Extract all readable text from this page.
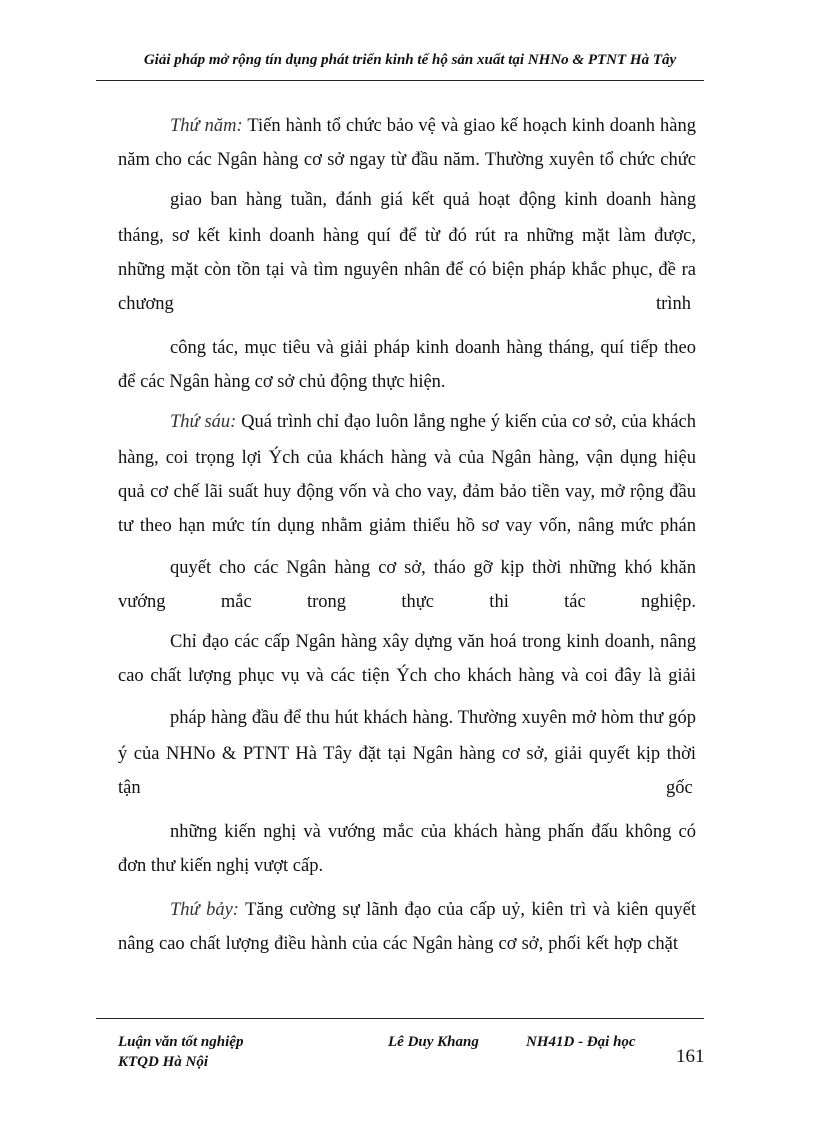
Giải pháp mở rộng tín dụng phát triển kinh tế hộ sản xuất tại NHNo & PTNT Hà Tây
Thứ năm: Tiến hành tổ chức bảo vệ và giao kế hoạch kinh doanh hàng
năm cho các Ngân hàng cơ sở ngay từ đầu năm. Thường xuyên tổ chức chức
giao ban hàng tuần, đánh giá kết quả hoạt động kinh doanh hàng
tháng, sơ kết kinh doanh hàng quí để từ đó rút ra những mặt làm được,
những mặt còn tồn tại và tìm nguyên nhân để có biện pháp khắc phục, đề ra
chương	trình
công tác, mục tiêu và giải pháp kinh doanh hàng tháng, quí tiếp theo
để các Ngân hàng cơ sở chủ động thực hiện.
Thứ sáu: Quá trình chỉ đạo luôn lắng nghe ý kiến của cơ sở, của khách
hàng, coi trọng lợi Ých của khách hàng và của Ngân hàng, vận dụng hiệu
quả cơ chế lãi suất huy động vốn và cho vay, đảm bảo tiền vay, mở rộng đầu
tư theo hạn mức tín dụng nhằm giảm thiểu hồ sơ vay vốn, nâng mức phán
quyết cho các Ngân hàng cơ sở, tháo gỡ kịp thời những khó khăn
vướng mắc trong thực thi tác nghiệp.
Chỉ đạo các cấp Ngân hàng xây dựng văn hoá trong kinh doanh, nâng
cao chất lượng phục vụ và các tiện Ých cho khách hàng và coi đây là giải
pháp hàng đầu để thu hút khách hàng. Thường xuyên mở hòm thư góp
ý của NHNo & PTNT Hà Tây đặt tại Ngân hàng cơ sở, giải quyết kịp thời
tận	gốc
những kiến nghị và vướng mắc của khách hàng phấn đấu không có
đơn thư kiến nghị vượt cấp.
Thứ bảy: Tăng cường sự lãnh đạo của cấp uỷ, kiên trì và kiên quyết
nâng cao chất lượng điều hành của các Ngân hàng cơ sở, phối kết hợp chặt
Luận văn tốt nghiệp
KTQD Hà Nội
Lê Duy Khang	NH41D - Đại học
161
